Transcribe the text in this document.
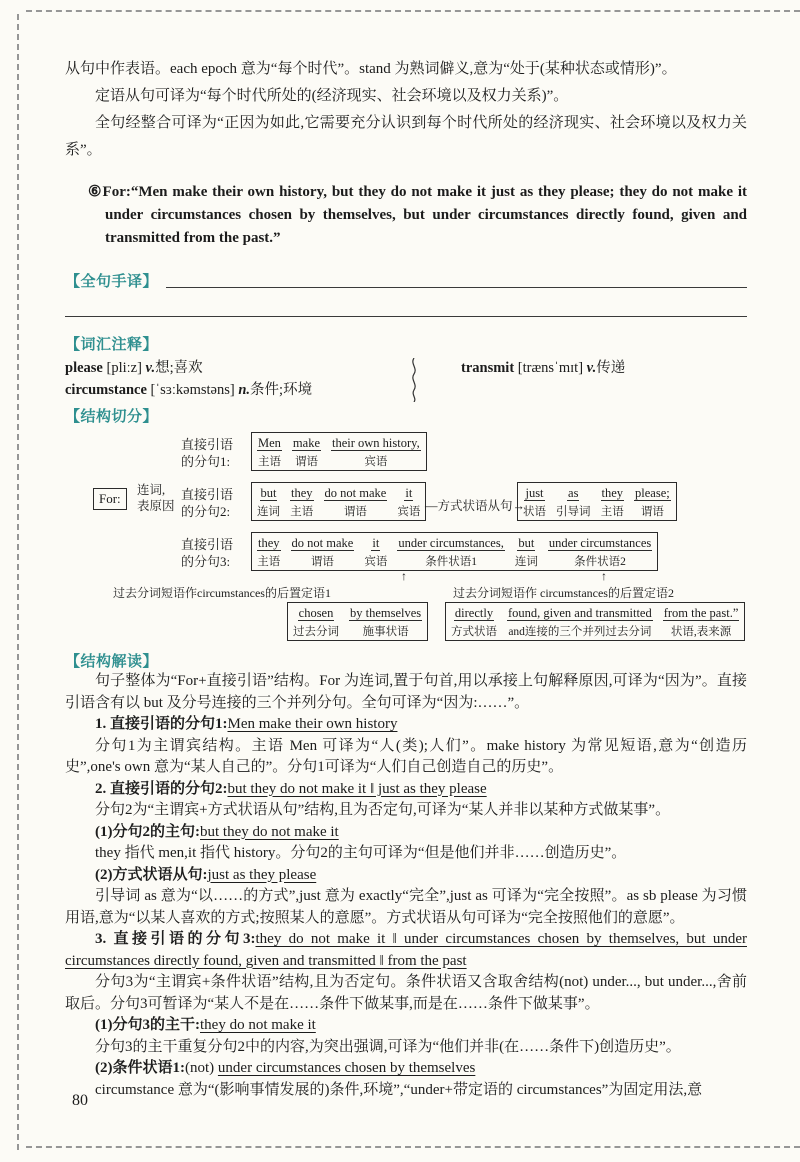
从句中作表语。each epoch 意为“每个时代”。stand 为熟词僻义,意为“处于(某种状态或情形)”。

定语从句可译为“每个时代所处的(经济现实、社会环境以及权力关系)”。

全句经整合可译为“正因为如此,它需要充分认识到每个时代所处的经济现实、社会环境以及权力关系”。

⑥For:“Men make their own history, but they do not make it just as they please; they do not make it under circumstances chosen by themselves, but under circumstances directly found, given and transmitted from the past.”

【全句手译】
【词汇注释】
please [pliːz] v.想;喜欢
circumstance [ˈsɜːkəmstəns] n.条件;环境
transmit [trænsˈmɪt] v.传递
【结构切分】
直接引语
的分句1:
Men	make	their own history,
主语	谓语	宾语
For:
连词,
表原因
直接引语
的分句2:
but	they	do not make	it
连词	主语	谓语	宾语 —方式状语从句→
just	as	they	please;
状语	引导词	主语	谓语
直接引语
的分句3:
they	do not make	it	under circumstances,	but	under circumstances
主语	谓语	宾语	条件状语1	连词	条件状语2
↑	↑
过去分词短语作circumstances的后置定语1	过去分词短语作 circumstances的后置定语2
chosen	by themselves
过去分词	施事状语
directly	found, given and transmitted	from the past.”
方式状语	and连接的三个并列过去分词	状语,表来源
【结构解读】

句子整体为“For+直接引语”结构。For 为连词,置于句首,用以承接上句解释原因,可译为“因为”。直接引语含有以 but 及分号连接的三个并列分句。全句可译为“因为:……”。

1. 直接引语的分句1:Men make their own history

分句1为主谓宾结构。主语 Men 可译为“人(类);人们”。make history 为常见短语,意为“创造历史”,one's own 意为“某人自己的”。分句1可译为“人们自己创造自己的历史”。

2. 直接引语的分句2:but they do not make it ‖ just as they please

分句2为“主谓宾+方式状语从句”结构,且为否定句,可译为“某人并非以某种方式做某事”。

(1)分句2的主句:but they do not make it

they 指代 men,it 指代 history。分句2的主句可译为“但是他们并非……创造历史”。

(2)方式状语从句:just as they please

引导词 as 意为“以……的方式”,just 意为 exactly“完全”,just as 可译为“完全按照”。as sb please 为习惯用语,意为“以某人喜欢的方式;按照某人的意愿”。方式状语从句可译为“完全按照他们的意愿”。

3. 直接引语的分句3:they do not make it ‖ under circumstances chosen by themselves, but under circumstances directly found, given and transmitted ‖ from the past

分句3为“主谓宾+条件状语”结构,且为否定句。条件状语又含取舍结构(not) under..., but under...,舍前取后。分句3可暂译为“某人不是在……条件下做某事,而是在……条件下做某事”。

(1)分句3的主干:they do not make it

分句3的主干重复分句2中的内容,为突出强调,可译为“他们并非(在……条件下)创造历史”。

(2)条件状语1:(not) under circumstances chosen by themselves

circumstance 意为“(影响事情发展的)条件,环境”,“under+带定语的 circumstances”为固定用法,意

80
